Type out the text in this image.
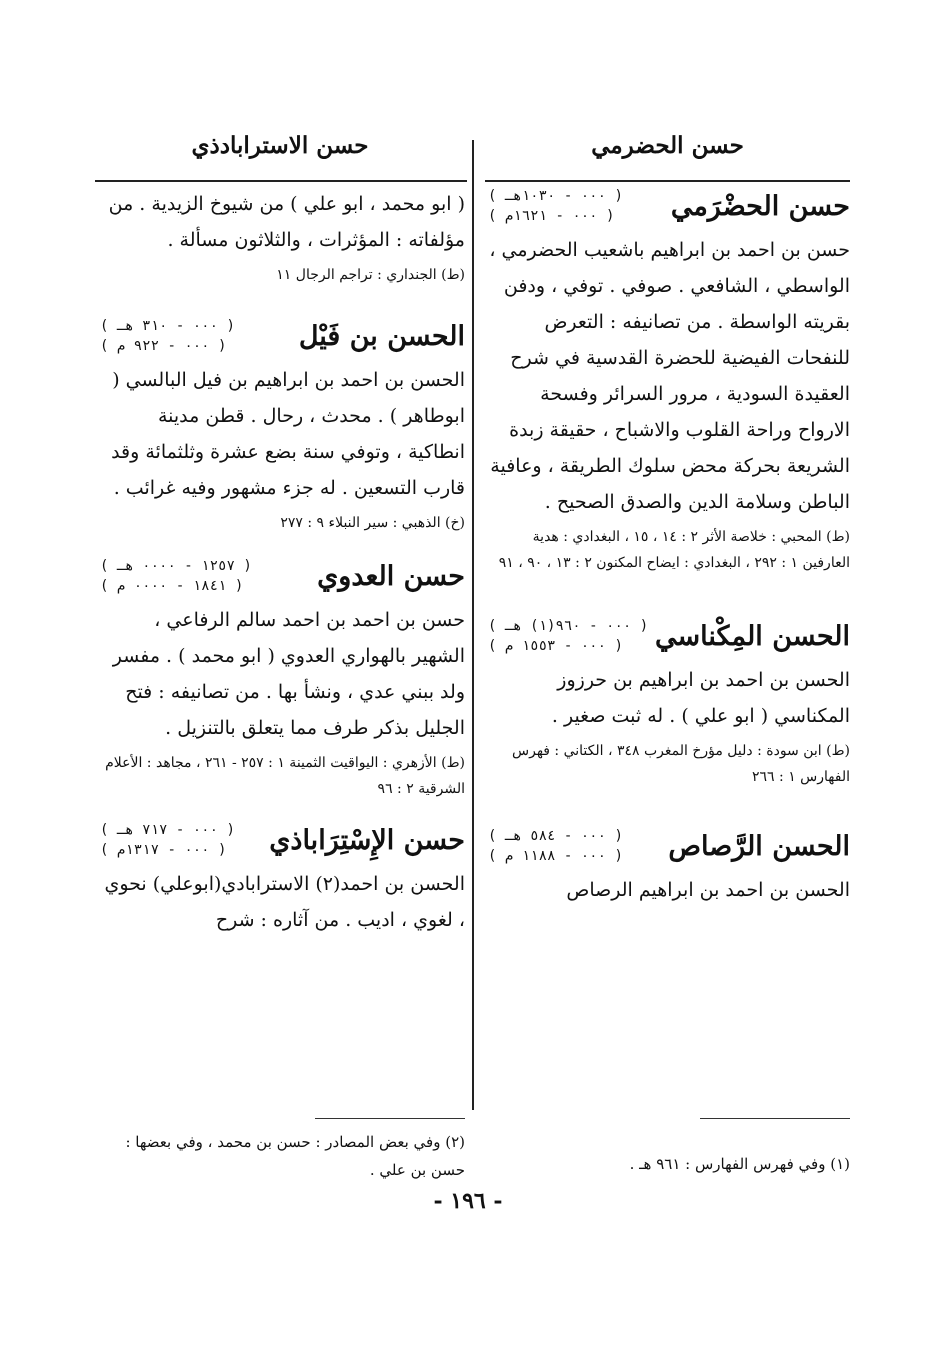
حسن الحضرمي
حسن الاسترابادذي
حسن الحضْرَمي
( ٠٠٠ - ١٠٣٠هـ )
( ٠٠٠ - ١٦٢١م )
حسن بن احمد بن ابراهيم باشعيب الحضرمي ، الواسطي ، الشافعي . صوفي . توفي ، ودفن بقريته الواسطة . من تصانيفه : التعرض للنفحات الفيضية للحضرة القدسية في شرح العقيدة السودية ، مرور السرائر وفسحة الارواح وراحة القلوب والاشباح ، حقيقة زبدة الشريعة بحركة محض سلوك الطريقة ، وعافية الباطن وسلامة الدين والصدق الصحيح .
(ط) المحبي : خلاصة الأثر ٢ : ١٤ ، ١٥ ، البغدادي : هدية العارفين ١ : ٢٩٢ ، البغدادي : ايضاح المكنون ٢ : ١٣ ، ٩٠ ، ٩١
الحسن المِكْناسي
( ٠٠٠ - ٩٦٠(١) هـ )
( ٠٠٠ - ١٥٥٣ م )
الحسن بن احمد بن ابراهيم بن حرزوز المكناسي ( ابو علي ) . له ثبت صغير .
(ط) ابن سودة : دليل مؤرخ المغرب ٣٤٨ ، الكتاني : فهرس الفهارس ١ : ٢٦٦
الحسن الرَّصاص
( ٠٠٠ - ٥٨٤ هـ )
( ٠٠٠ - ١١٨٨ م )
الحسن بن احمد بن ابراهيم الرصاص
( ابو محمد ، ابو علي ) من شيوخ الزيدية . من مؤلفاته : المؤثرات ، والثلاثون مسألة .
(ط) الجنداري : تراجم الرجال ١١
الحسن بن فَيْل
( ٠٠٠ - ٣١٠ هـ )
( ٠٠٠ - ٩٢٢ م )
الحسن بن احمد بن ابراهيم بن فيل البالسي ( ابوطاهر ) . محدث ، رحال . قطن مدينة انطاكية ، وتوفي سنة بضع عشرة وثلثمائة وقد قارب التسعين . له جزء مشهور وفيه غرائب .
(خ) الذهبي : سير النبلاء ٩ : ٢٧٧
حسن العدوي
( ١٢٥٧ - ٠٠٠٠ هـ )
( ١٨٤١ - ٠٠٠٠ م )
حسن بن احمد بن احمد سالم الرفاعي ، الشهير بالهواري العدوي ( ابو محمد ) . مفسر ولد ببني عدي ، ونشأ بها . من تصانيفه : فتح الجليل بذكر طرف مما يتعلق بالتنزيل .
(ط) الأزهري : اليواقيت الثمينة ١ : ٢٥٧ - ٢٦١ ، مجاهد : الأعلام الشرقية ٢ : ٩٦
حسن الإِسْتِرَاباذي
( ٠٠٠ - ٧١٧ هـ )
( ٠٠٠ - ١٣١٧م )
الحسن بن احمد(٢) الاسترابادي(ابوعلي) نحوي ، لغوي ، اديب . من آثاره : شرح
(١) وفي فهرس الفهارس : ٩٦١ هـ .
(٢) وفي بعض المصادر : حسن بن محمد ، وفي بعضها : حسن بن علي .
- ١٩٦ -
